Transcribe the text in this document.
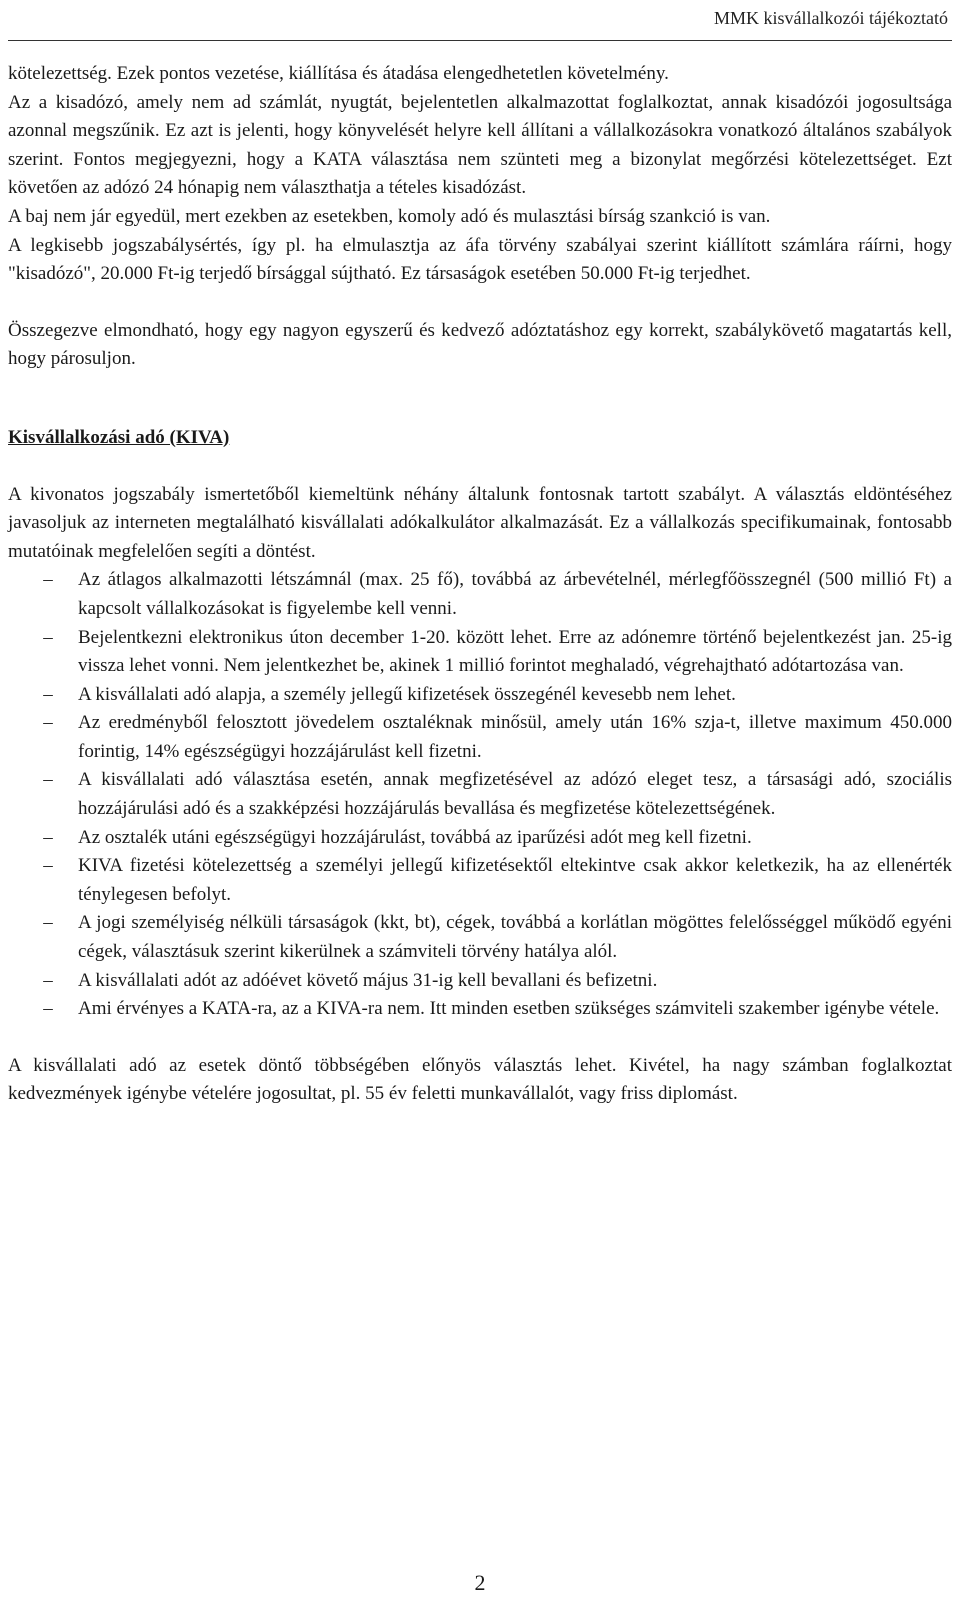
MMK kisvállalkozói tájékoztató

kötelezettség. Ezek pontos vezetése, kiállítása és átadása elengedhetetlen követelmény.

Az a kisadózó, amely nem ad számlát, nyugtát, bejelentetlen alkalmazottat foglalkoztat, annak kisadózói jogosultsága azonnal megszűnik. Ez azt is jelenti, hogy könyvelését helyre kell állítani a vállalkozásokra vonatkozó általános szabályok szerint. Fontos megjegyezni, hogy a KATA választása nem szünteti meg a bizonylat megőrzési kötelezettséget. Ezt követően az adózó 24 hónapig nem választhatja a tételes kisadózást.

A baj nem jár egyedül, mert ezekben az esetekben, komoly adó és mulasztási bírság szankció is van.

A legkisebb jogszabálysértés, így pl. ha elmulasztja az áfa törvény szabályai szerint kiállított számlára ráírni, hogy "kisadózó", 20.000 Ft-ig terjedő bírsággal sújtható. Ez társaságok esetében 50.000 Ft-ig terjedhet.

Összegezve elmondható, hogy egy nagyon egyszerű és kedvező adóztatáshoz egy korrekt, szabálykövető magatartás kell, hogy párosuljon.

Kisvállalkozási adó (KIVA)

A kivonatos jogszabály ismertetőből kiemeltünk néhány általunk fontosnak tartott szabályt. A választás eldöntéséhez javasoljuk az interneten megtalálható kisvállalati adókalkulátor alkalmazását. Ez a vállalkozás specifikumainak, fontosabb mutatóinak megfelelően segíti a döntést.

–	Az átlagos alkalmazotti létszámnál (max. 25 fő), továbbá az árbevételnél, mérlegfőösszegnél (500 millió Ft) a kapcsolt vállalkozásokat is figyelembe kell venni.
–	Bejelentkezni elektronikus úton december 1-20. között lehet. Erre az adónemre történő bejelentkezést jan. 25-ig vissza lehet vonni. Nem jelentkezhet be, akinek 1 millió forintot meghaladó, végrehajtható adótartozása van.
–	A kisvállalati adó alapja, a személy jellegű kifizetések összegénél kevesebb nem lehet.
–	Az eredményből felosztott jövedelem osztaléknak minősül, amely után 16% szja-t, illetve maximum 450.000 forintig, 14% egészségügyi hozzájárulást kell fizetni.
–	A kisvállalati adó választása esetén, annak megfizetésével az adózó eleget tesz, a társasági adó, szociális hozzájárulási adó és a szakképzési hozzájárulás bevallása és megfizetése kötelezettségének.
–	Az osztalék utáni egészségügyi hozzájárulást, továbbá az iparűzési adót meg kell fizetni.
–	KIVA fizetési kötelezettség a személyi jellegű kifizetésektől eltekintve csak akkor keletkezik, ha az ellenérték ténylegesen befolyt.
–	A jogi személyiség nélküli társaságok (kkt, bt), cégek, továbbá a korlátlan mögöttes felelősséggel működő egyéni cégek, választásuk szerint kikerülnek a számviteli törvény hatálya alól.
–	A kisvállalati adót az adóévet követő május 31-ig kell bevallani és befizetni.
–	Ami érvényes a KATA-ra, az a KIVA-ra nem. Itt minden esetben szükséges számviteli szakember igénybe vétele.

A kisvállalati adó az esetek döntő többségében előnyös választás lehet. Kivétel, ha nagy számban foglalkoztat kedvezmények igénybe vételére jogosultat, pl. 55 év feletti munkavállalót, vagy friss diplomást.

2
